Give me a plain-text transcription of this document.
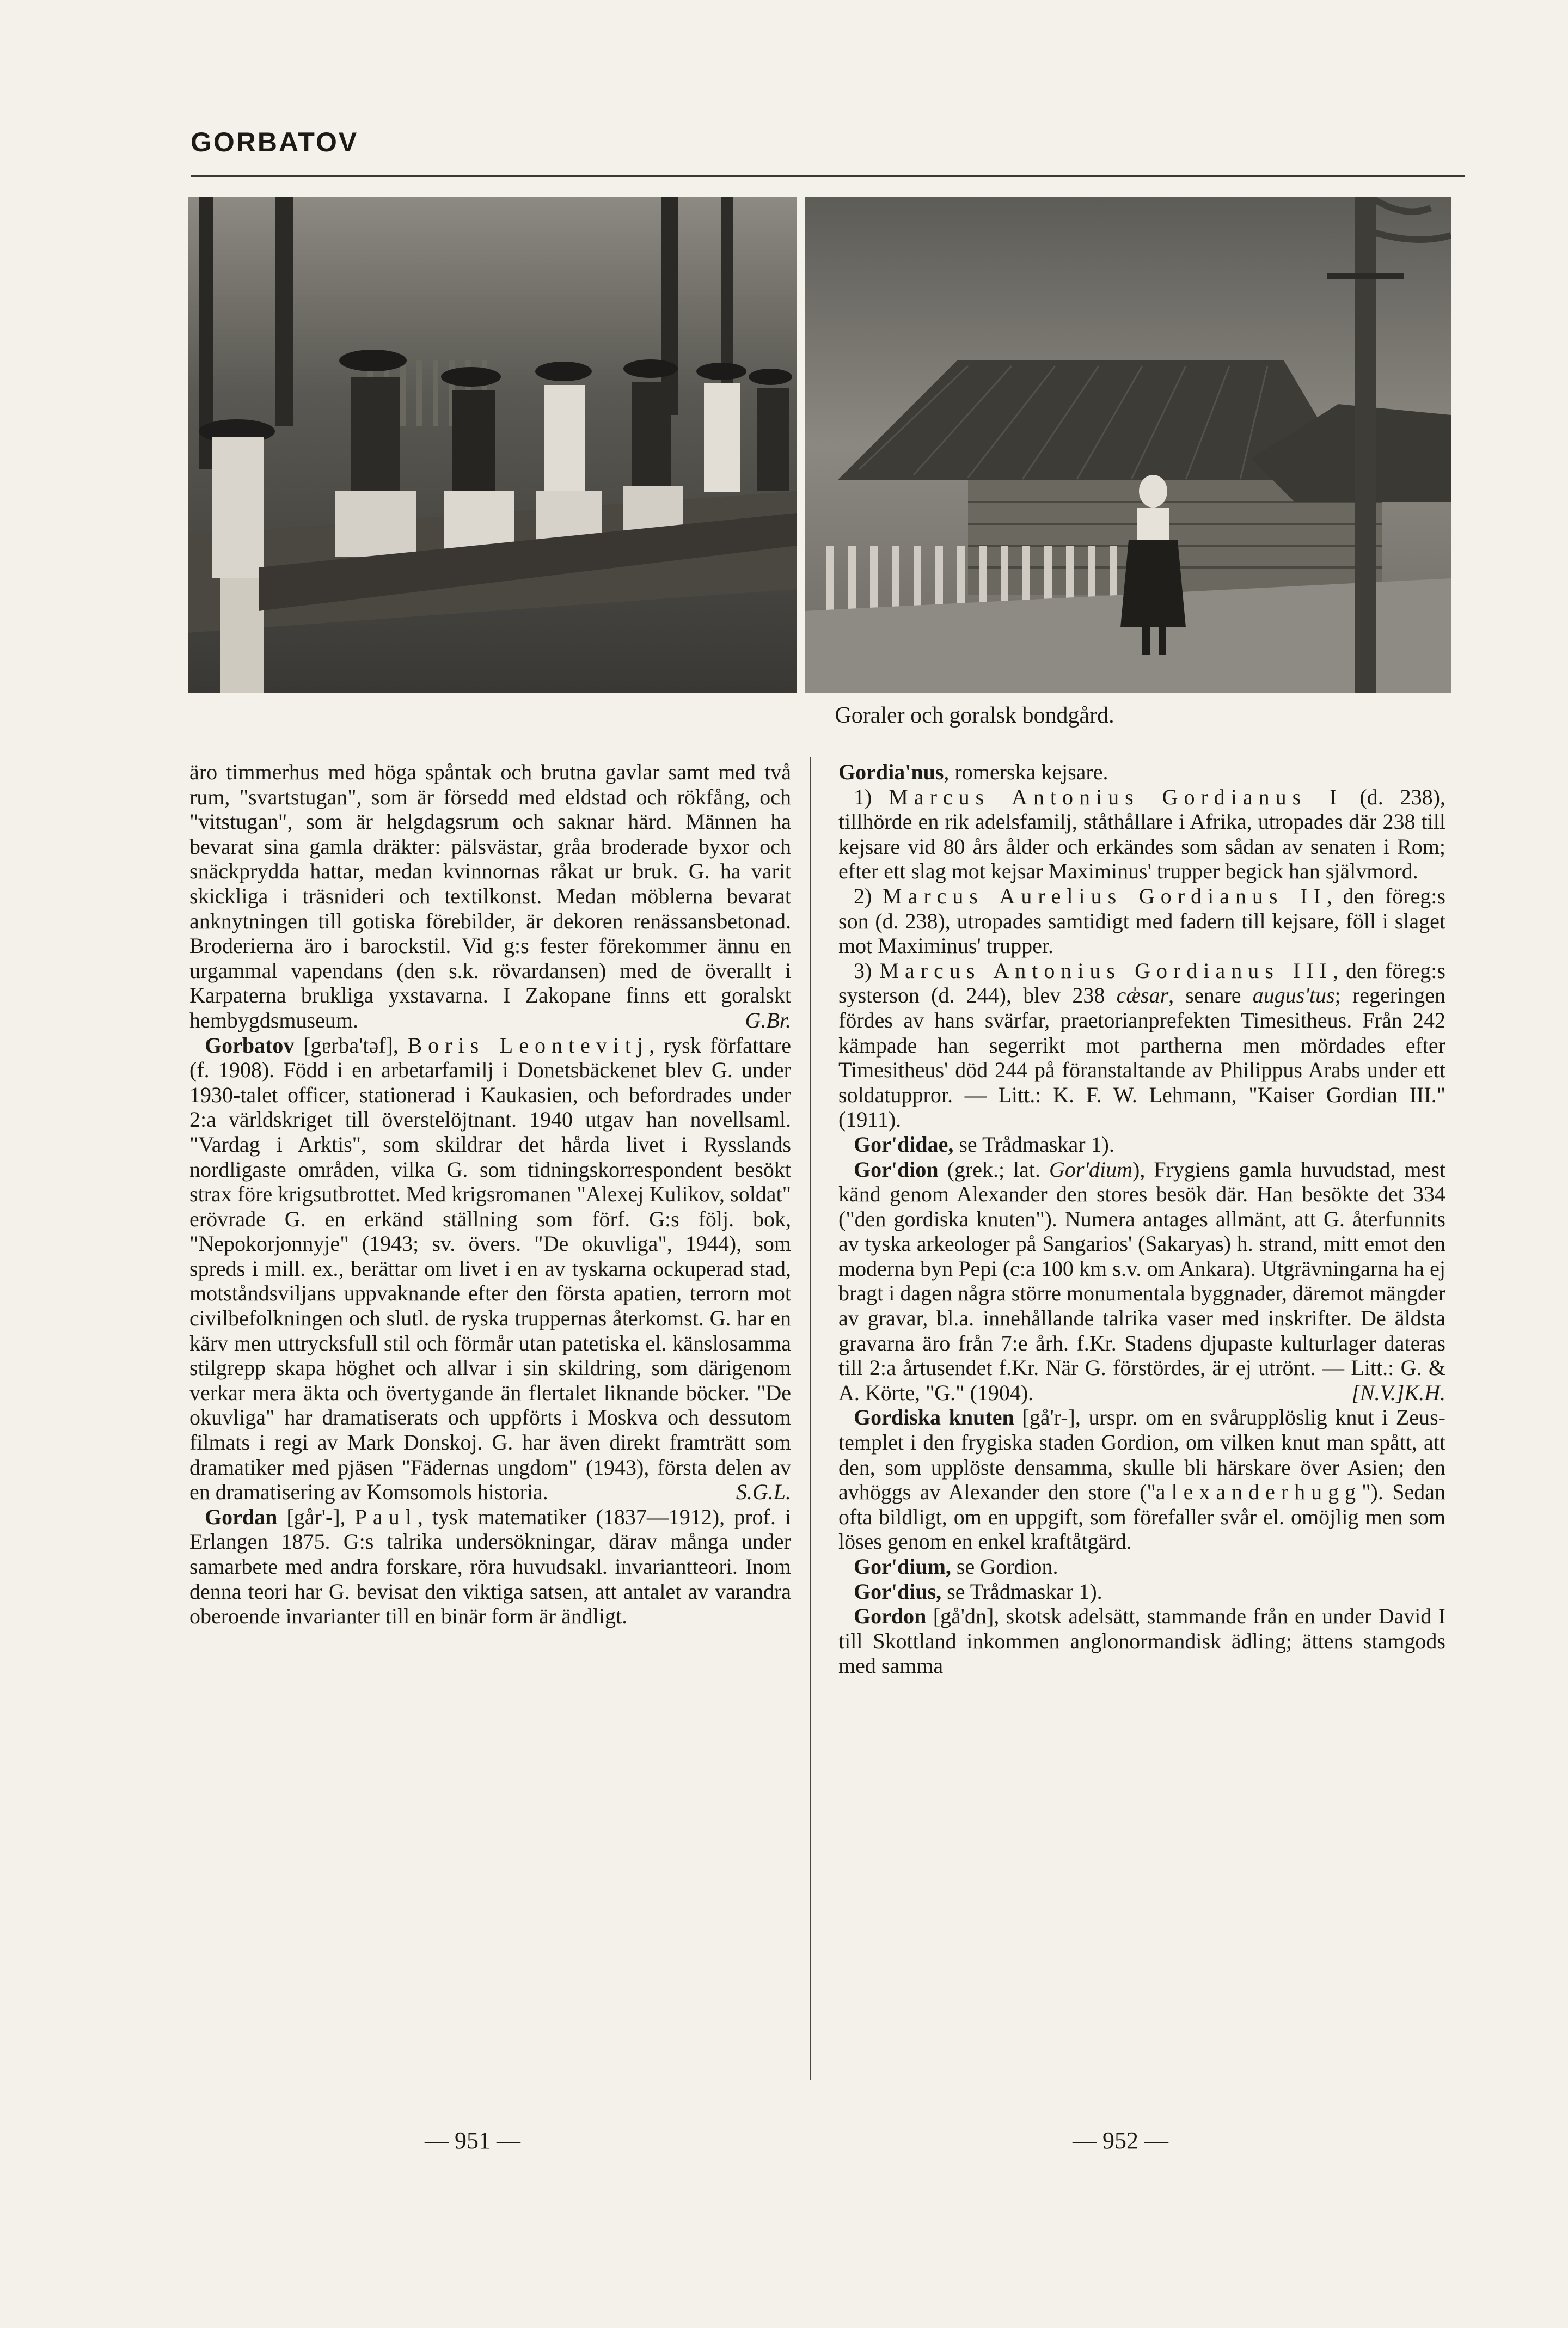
GORBATOV
Goraler och goralsk bondgård.

äro timmerhus med höga spåntak och brutna gavlar samt med två rum, "svartstugan", som är försedd med eldstad och rökfång, och "vitstugan", som är helgdagsrum och saknar härd. Männen ha bevarat sina gamla dräkter: pälsvästar, gråa broderade byxor och snäckprydda hattar, medan kvinnornas råkat ur bruk. G. ha varit skickliga i träsnideri och textilkonst. Medan möblerna bevarat anknytningen till gotiska förebilder, är dekoren renässansbetonad. Broderierna äro i barockstil. Vid g:s fester förekommer ännu en urgammal vapendans (den s.k. rövardansen) med de överallt i Karpaterna brukliga yxstavarna. I Zakopane finns ett goralskt hembygdsmuseum.	G.Br.

Gorbatov [gɐrba'təf], Boris Leontevitj, rysk författare (f. 1908). Född i en arbetarfamilj i Donetsbäckenet blev G. under 1930-talet officer, stationerad i Kaukasien, och befordrades under 2:a världskriget till överstelöjtnant. 1940 utgav han novellsaml. "Vardag i Arktis", som skildrar det hårda livet i Rysslands nordligaste områden, vilka G. som tidningskorrespondent besökt strax före krigsutbrottet. Med krigsromanen "Alexej Kulikov, soldat" erövrade G. en erkänd ställning som förf. G:s följ. bok, "Nepokorjonnyje" (1943; sv. övers. "De okuvliga", 1944), som spreds i mill. ex., berättar om livet i en av tyskarna ockuperad stad, motståndsviljans uppvaknande efter den första apatien, terrorn mot civilbefolkningen och slutl. de ryska truppernas återkomst. G. har en kärv men uttrycksfull stil och förmår utan patetiska el. känslosamma stilgrepp skapa höghet och allvar i sin skildring, som därigenom verkar mera äkta och övertygande än flertalet liknande böcker. "De okuvliga" har dramatiserats och uppförts i Moskva och dessutom filmats i regi av Mark Donskoj. G. har även direkt framträtt som dramatiker med pjäsen "Fädernas ungdom" (1943), första delen av en dramatisering av Komsomols historia.	S.G.L.

Gordan [går'-], Paul, tysk matematiker (1837—1912), prof. i Erlangen 1875. G:s talrika undersökningar, därav många under samarbete med andra forskare, röra huvudsakl. invariantteori. Inom denna teori har G. bevisat den viktiga satsen, att antalet av varandra oberoende invarianter till en binär form är ändligt.

Gordia'nus, romerska kejsare.

1) Marcus Antonius Gordianus I (d. 238), tillhörde en rik adelsfamilj, ståthållare i Afrika, utropades där 238 till kejsare vid 80 års ålder och erkändes som sådan av senaten i Rom; efter ett slag mot kejsar Maximinus' trupper begick han självmord.

2) Marcus Aurelius Gordianus II, den föreg:s son (d. 238), utropades samtidigt med fadern till kejsare, föll i slaget mot Maximinus' trupper.

3) Marcus Antonius Gordianus III, den föreg:s systerson (d. 244), blev 238 cæ̍sar, senare augus'tus; regeringen fördes av hans svärfar, praetorianprefekten Timesitheus. Från 242 kämpade han segerrikt mot partherna men mördades efter Timesitheus' död 244 på föranstaltande av Philippus Arabs under ett soldatuppror. — Litt.: K. F. W. Lehmann, "Kaiser Gordian III." (1911).

Gor'didae, se Trådmaskar 1).

Gor'dion (grek.; lat. Gor'dium), Frygiens gamla huvudstad, mest känd genom Alexander den stores besök där. Han besökte det 334 ("den gordiska knuten"). Numera antages allmänt, att G. återfunnits av tyska arkeologer på Sangarios' (Sakaryas) h. strand, mitt emot den moderna byn Pepi (c:a 100 km s.v. om Ankara). Utgrävningarna ha ej bragt i dagen några större monumentala byggnader, däremot mängder av gravar, bl.a. innehållande talrika vaser med inskrifter. De äldsta gravarna äro från 7:e årh. f.Kr. Stadens djupaste kulturlager dateras till 2:a årtusendet f.Kr. När G. förstördes, är ej utrönt. — Litt.: G. & A. Körte, "G." (1904).	[N.V.]K.H.

Gordiska knuten [gå'r-], urspr. om en svårupplöslig knut i Zeus-templet i den frygiska staden Gordion, om vilken knut man spått, att den, som upplöste densamma, skulle bli härskare över Asien; den avhöggs av Alexander den store ("alexanderhugg"). Sedan ofta bildligt, om en uppgift, som förefaller svår el. omöjlig men som löses genom en enkel kraftåtgärd.

Gor'dium, se Gordion.

Gor'dius, se Trådmaskar 1).

Gordon [gå'dn], skotsk adelsätt, stammande från en under David I till Skottland inkommen anglonormandisk ädling; ättens stamgods med samma

— 951 —	— 952 —
